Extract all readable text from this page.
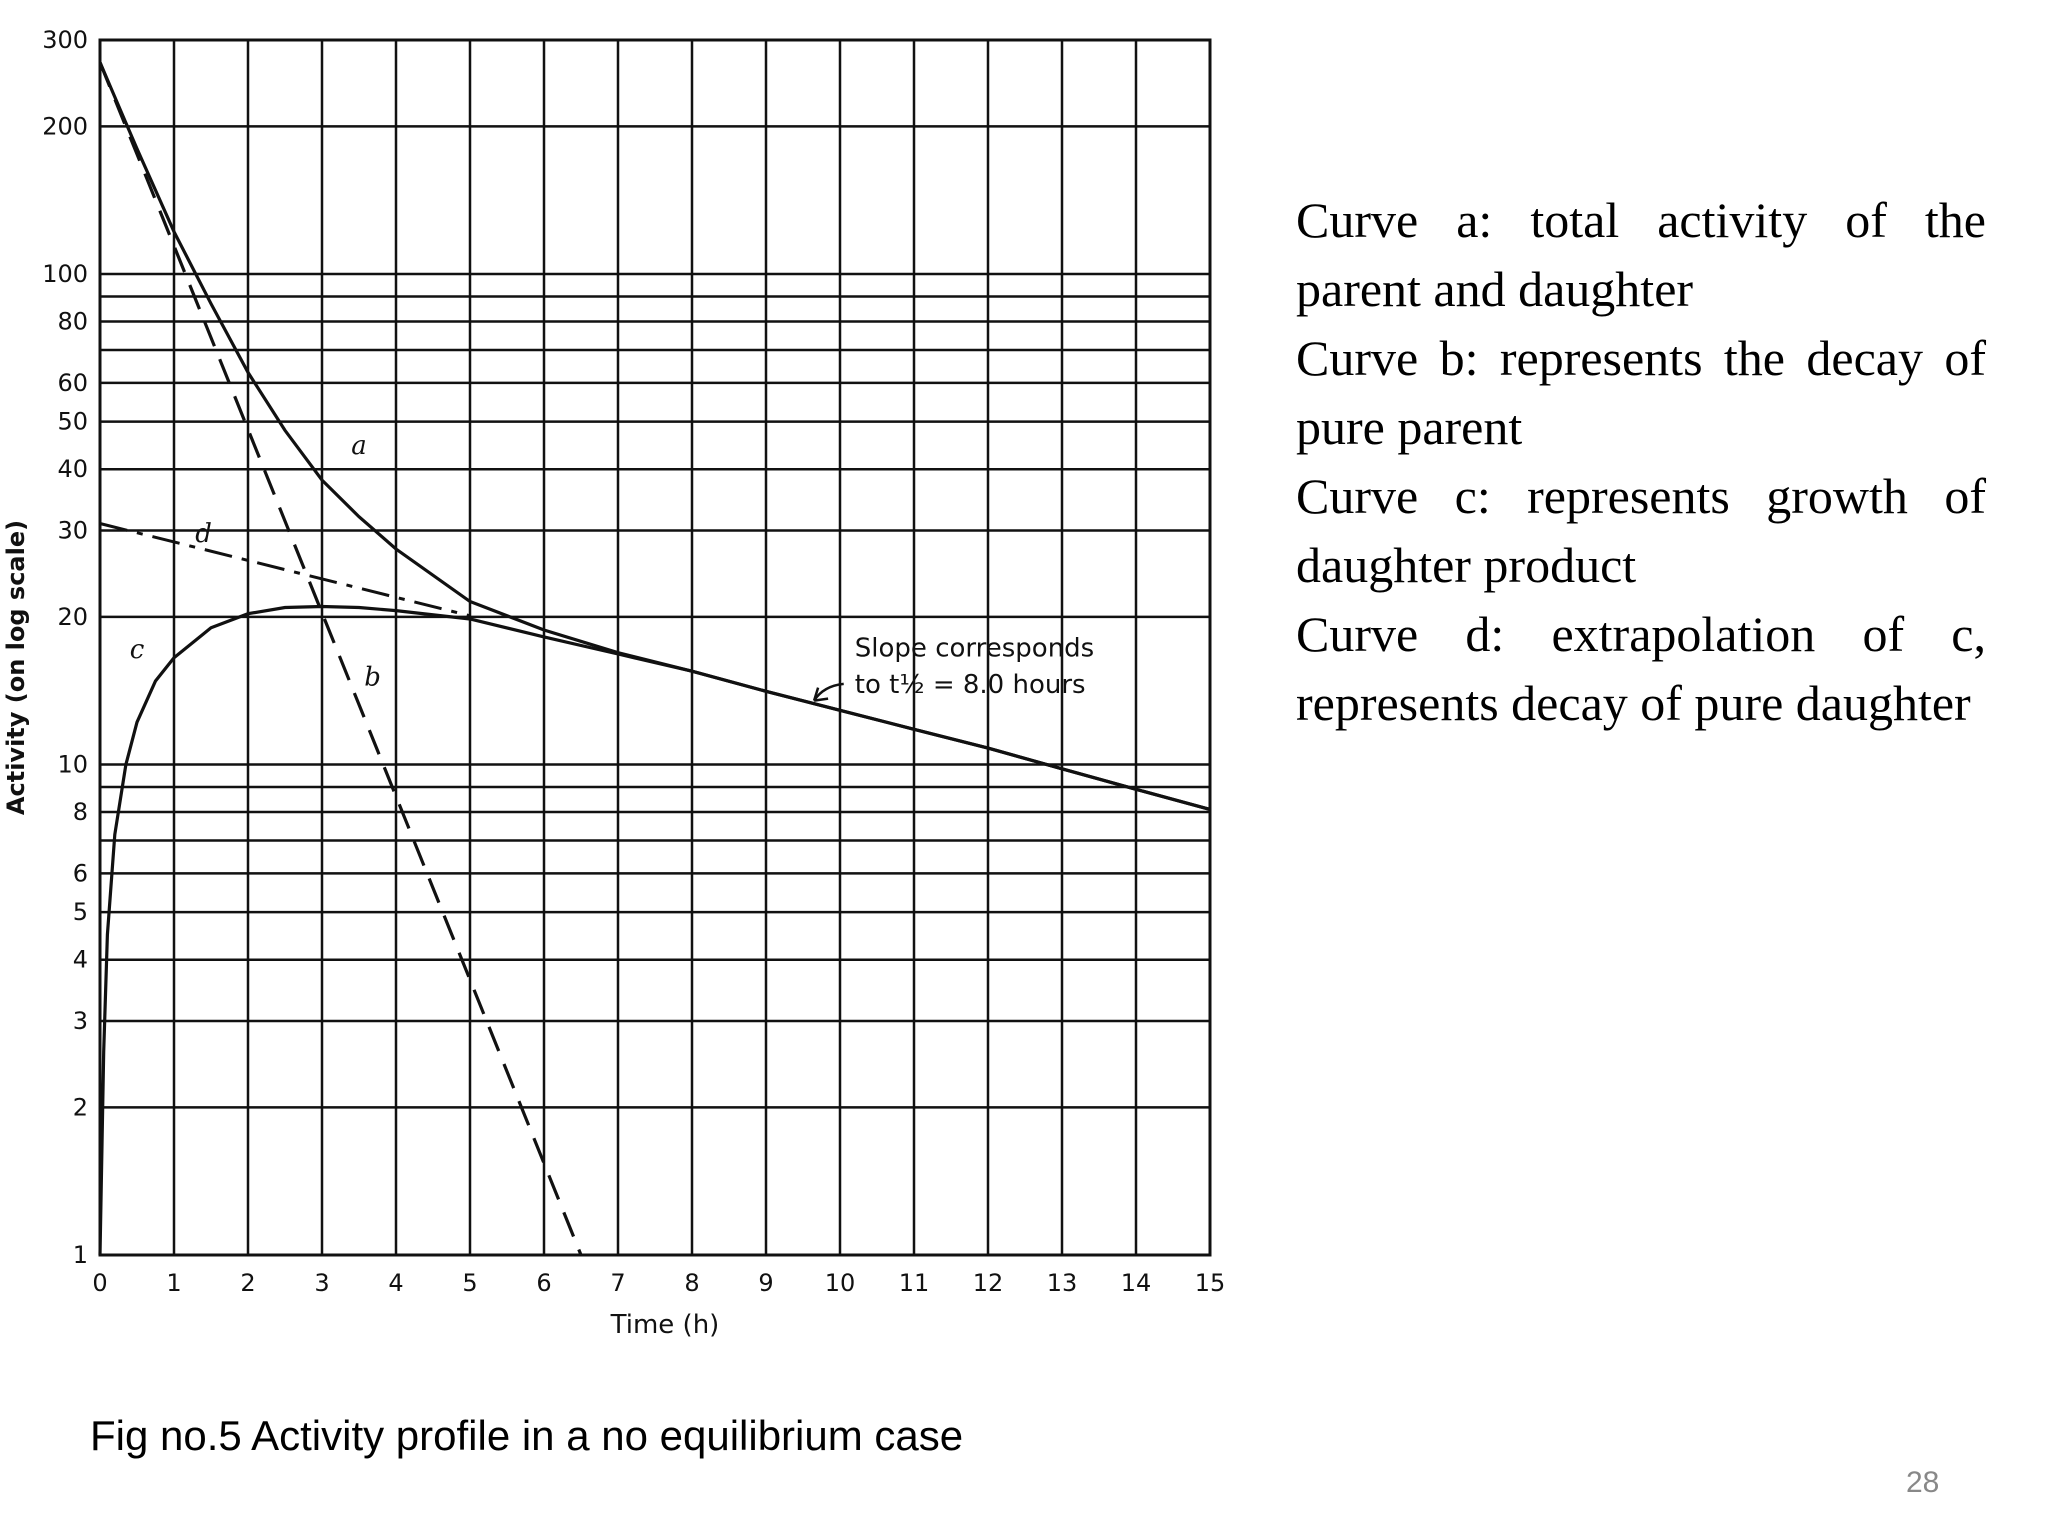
a
b
c
d
0 1 2 3 4 5 6 7 8 9 10 11 12 13 14 15
1
2
3
4
5
6
8
10
20
30
40
50
60
80
100
200
300
Slope corresponds
to t½ = 8.0 hours
Time (h)
Activity (on log scale)

Curve a: total activity of the parent and daughter

Curve b: represents the decay of pure parent

Curve c: represents growth of daughter product

Curve d: extrapolation of c, represents decay of pure daughter

Fig no.5 Activity profile in a no equilibrium case
28
